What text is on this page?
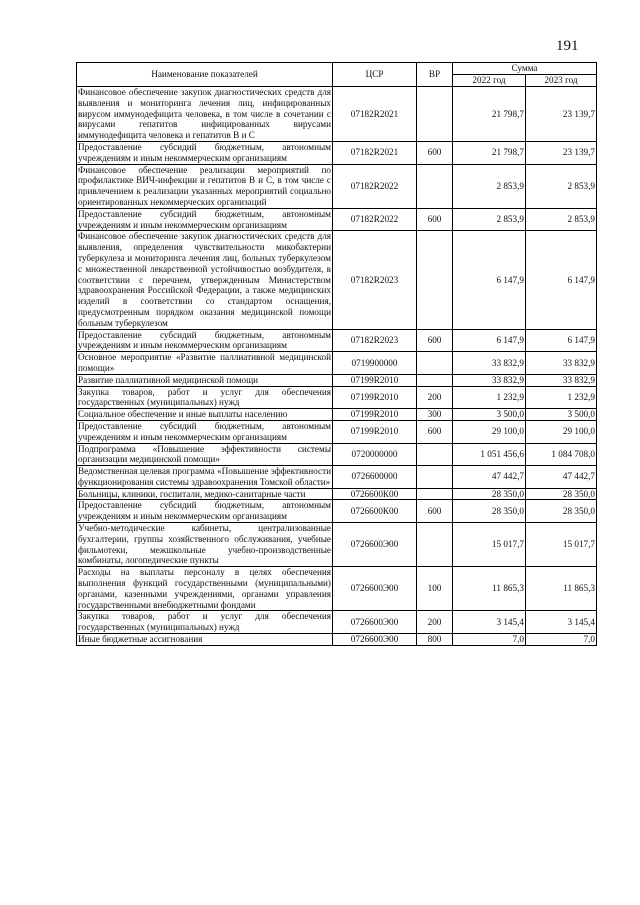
191
Наименование показателей	ЦСР	ВР	Сумма	
			2022 год	2023 год
Финансовое обеспечение закупок диагностических средств для выявления и мониторинга лечения лиц, инфицированных вирусом иммунодефицита человека, в том числе в сочетании с вирусами гепатитов инфицированных вирусами иммунодефицита человека и гепатитов В и С	07182R2021		21 798,7	23 139,7
Предоставление субсидий бюджетным, автономным учреждениям и иным некоммерческим организациям	07182R2021	600	21 798,7	23 139,7
Финансовое обеспечение реализации мероприятий по профилактике ВИЧ-инфекции и гепатитов В и С, в том числе с привлечением к реализации указанных мероприятий социально ориентированных некоммерческих организаций	07182R2022		2 853,9	2 853,9
Предоставление субсидий бюджетным, автономным учреждениям и иным некоммерческим организациям	07182R2022	600	2 853,9	2 853,9
Финансовое обеспечение закупок диагностических средств для выявления, определения чувствительности микобактерии туберкулеза и мониторинга лечения лиц, больных туберкулезом с множественной лекарственной устойчивостью возбудителя, в соответствии с перечнем, утвержденным Министерством здравоохранения Российской Федерации, а также медицинских изделий в соответствии со стандартом оснащения, предусмотренным порядком оказания медицинской помощи больным туберкулезом	07182R2023		6 147,9	6 147,9
Предоставление субсидий бюджетным, автономным учреждениям и иным некоммерческим организациям	07182R2023	600	6 147,9	6 147,9
Основное мероприятие «Развитие паллиативной медицинской помощи»	0719900000		33 832,9	33 832,9
Развитие паллиативной медицинской помощи	07199R2010		33 832,9	33 832,9
Закупка товаров, работ и услуг для обеспечения государственных (муниципальных) нужд	07199R2010	200	1 232,9	1 232,9
Социальное обеспечение и иные выплаты населению	07199R2010	300	3 500,0	3 500,0
Предоставление субсидий бюджетным, автономным учреждениям и иным некоммерческим организациям	07199R2010	600	29 100,0	29 100,0
Подпрограмма «Повышение эффективности системы организации медицинской помощи»	0720000000		1 051 456,6	1 084 708,0
Ведомственная целевая программа «Повышение эффективности функционирования системы здравоохранения Томской области»	0726600000		47 442,7	47 442,7
Больницы, клиники, госпитали, медико-санитарные части	0726600К00		28 350,0	28 350,0
Предоставление субсидий бюджетным, автономным учреждениям и иным некоммерческим организациям	0726600К00	600	28 350,0	28 350,0
Учебно-методические кабинеты, централизованные бухгалтерии, группы хозяйственного обслуживания, учебные фильмотеки, межшкольные учебно-производственные комбинаты, логопедические пункты	0726600Э00		15 017,7	15 017,7
Расходы на выплаты персоналу в целях обеспечения выполнения функций государственными (муниципальными) органами, казенными учреждениями, органами управления государственными внебюджетными фондами	0726600Э00	100	11 865,3	11 865,3
Закупка товаров, работ и услуг для обеспечения государственных (муниципальных) нужд	0726600Э00	200	3 145,4	3 145,4
Иные бюджетные ассигнования	0726600Э00	800	7,0	7,0
